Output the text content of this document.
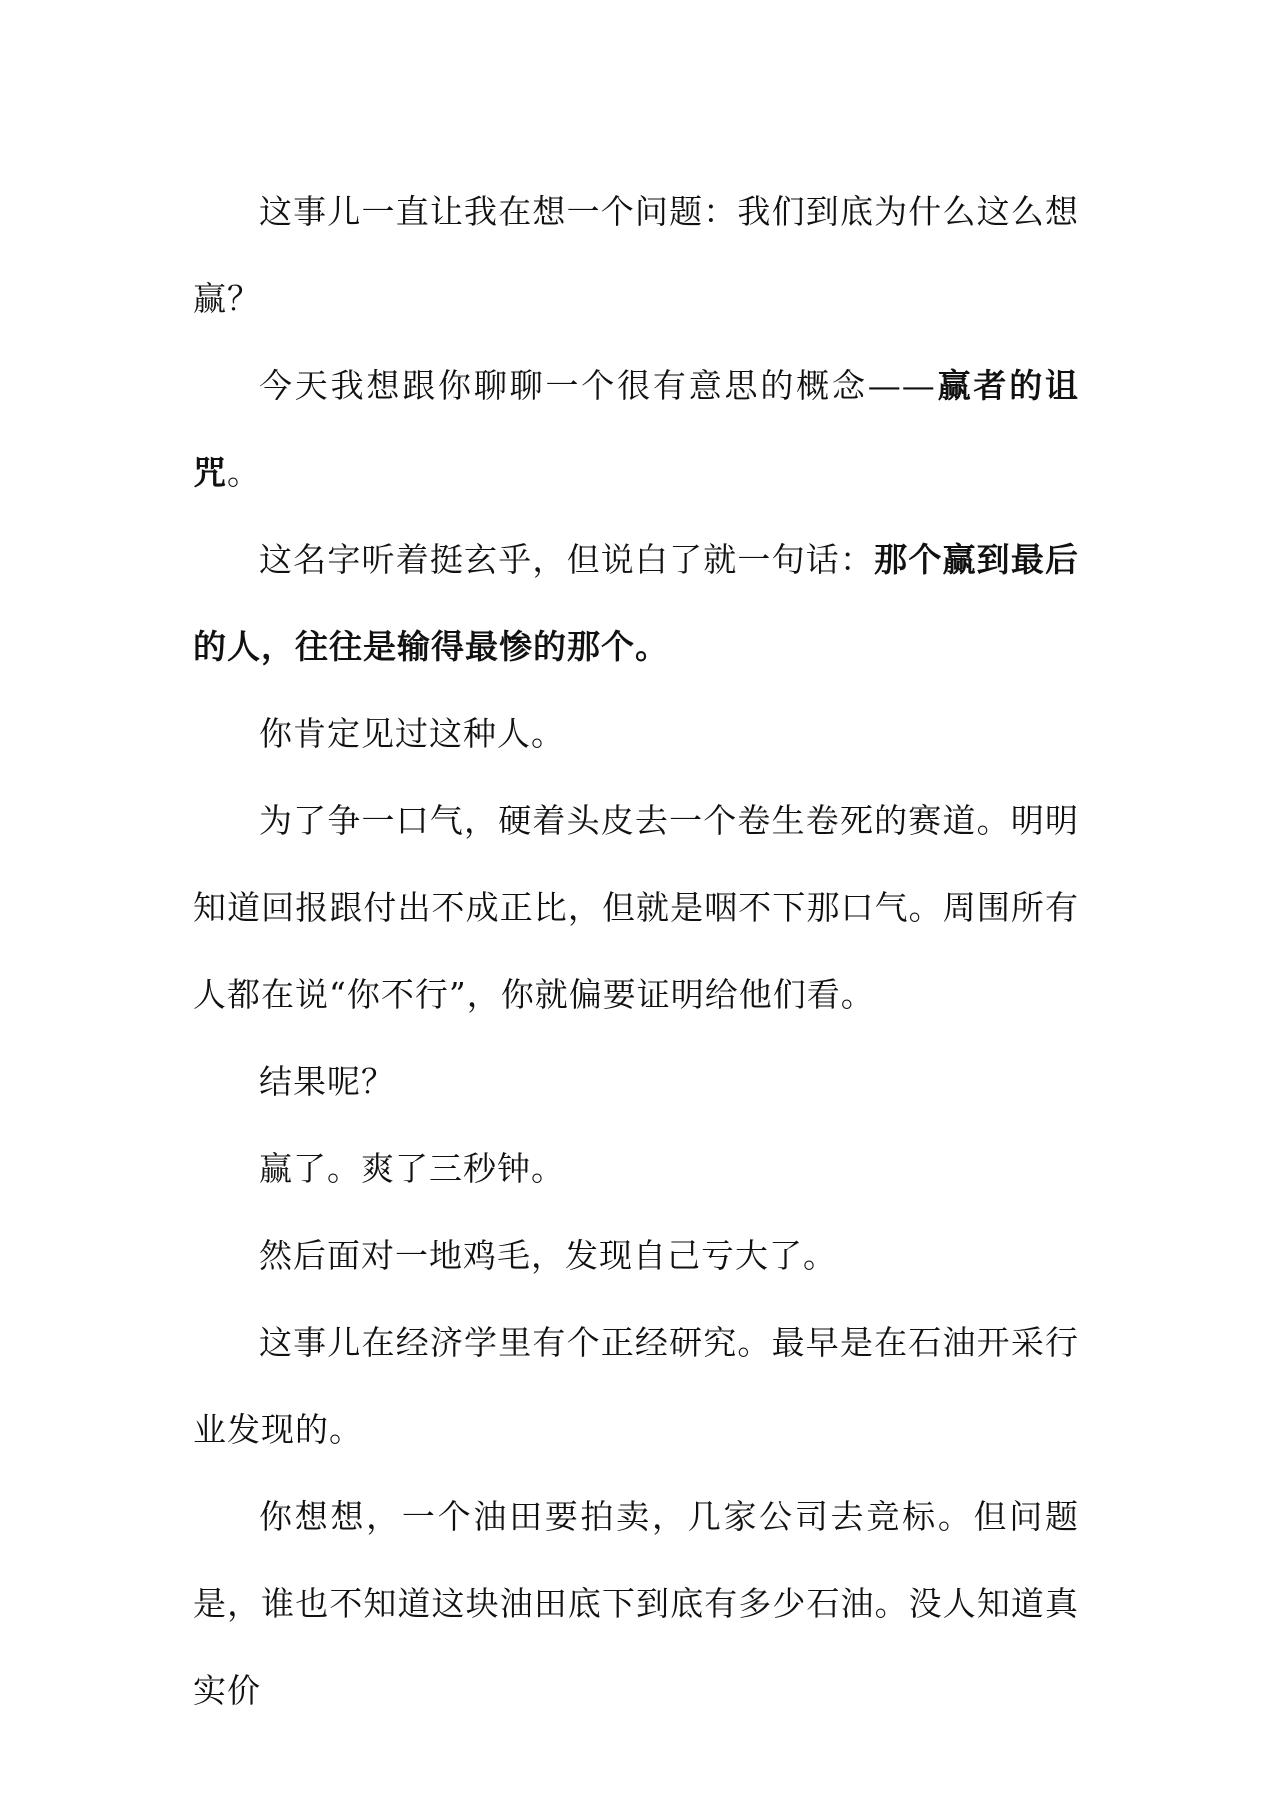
这事儿一直让我在想一个问题：我们到底为什么这么想赢？

今天我想跟你聊聊一个很有意思的概念——赢者的诅咒。

这名字听着挺玄乎，但说白了就一句话：那个赢到最后的人，往往是输得最惨的那个。

你肯定见过这种人。

为了争一口气，硬着头皮去一个卷生卷死的赛道。明明知道回报跟付出不成正比，但就是咽不下那口气。周围所有人都在说“你不行”，你就偏要证明给他们看。

结果呢？

赢了。爽了三秒钟。

然后面对一地鸡毛，发现自己亏大了。

这事儿在经济学里有个正经研究。最早是在石油开采行业发现的。

你想想，一个油田要拍卖，几家公司去竞标。但问题是，谁也不知道这块油田底下到底有多少石油。没人知道真实价
